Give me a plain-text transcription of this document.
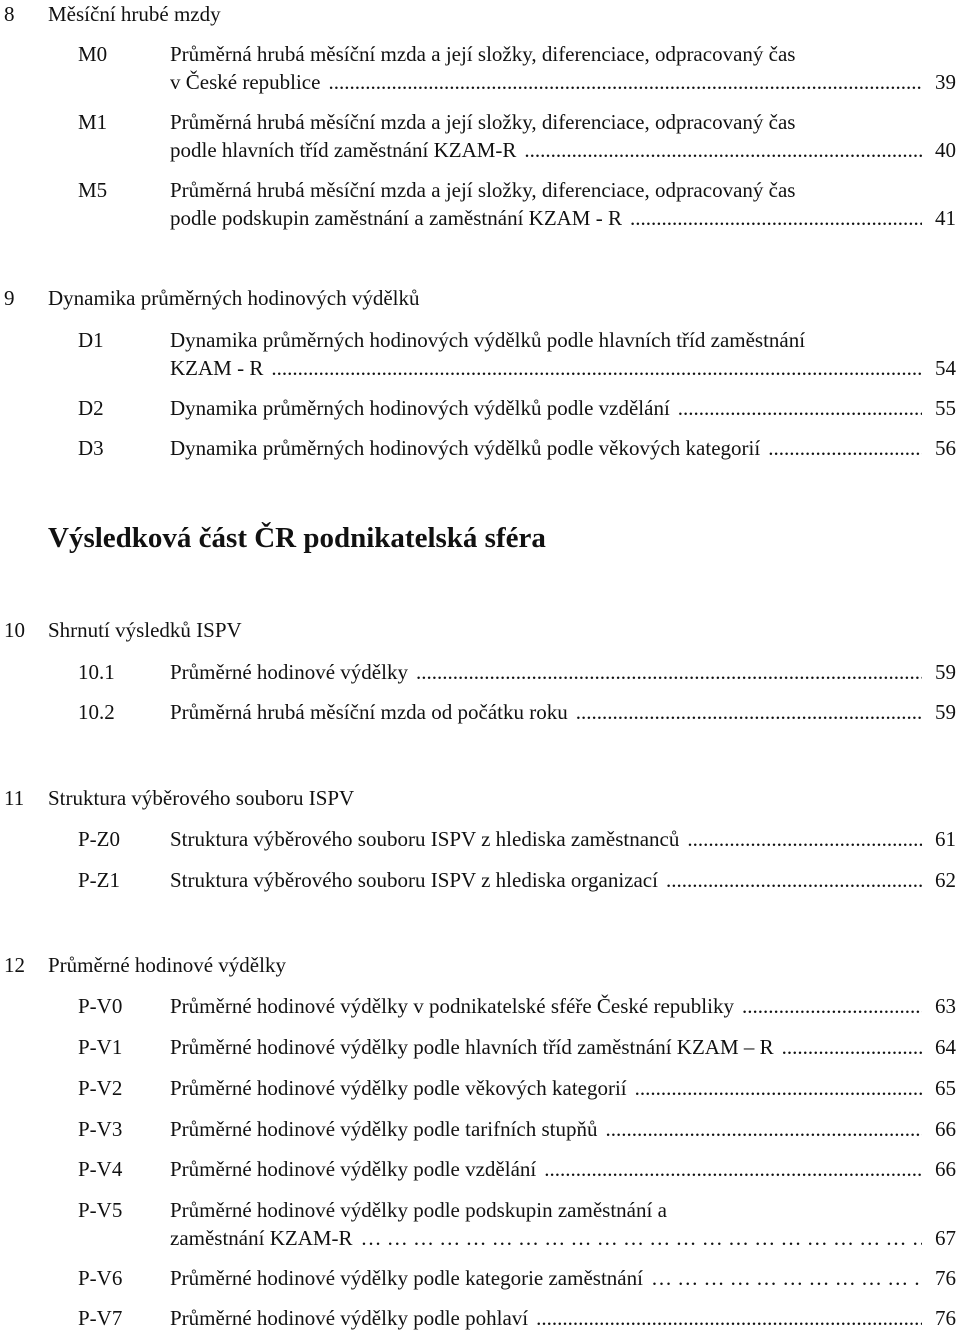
8 Měsíční hrubé mzdy
M0	Průměrná hrubá měsíční mzda a její složky, diferenciace, odpracovaný čas
v České republice .....	39
M1	Průměrná hrubá měsíční mzda a její složky, diferenciace, odpracovaný čas
podle hlavních tříd zaměstnání KZAM-R .....	40
M5	Průměrná hrubá měsíční mzda a její složky, diferenciace, odpracovaný čas
podle podskupin zaměstnání a zaměstnání KZAM - R .....	41
9 Dynamika průměrných hodinových výdělků
D1	Dynamika průměrných hodinových výdělků podle hlavních tříd zaměstnání
KZAM - R .....	54
D2	Dynamika průměrných hodinových výdělků podle vzdělání .....	55
D3	Dynamika průměrných hodinových výdělků podle věkových kategorií .....	56
Výsledková část ČR podnikatelská sféra
10 Shrnutí výsledků ISPV
10.1	Průměrné hodinové výdělky .....	59
10.2	Průměrná hrubá měsíční mzda od počátku roku .....	59
11 Struktura výběrového souboru ISPV
P-Z0 Struktura výběrového souboru ISPV z hlediska zaměstnanců .....	61
P-Z1 Struktura výběrového souboru ISPV z hlediska organizací .....	62
12 Průměrné hodinové výdělky
P-V0 Průměrné hodinové výdělky v podnikatelské sféře České republiky .....	63
P-V1 Průměrné hodinové výdělky podle hlavních tříd zaměstnání KZAM – R .....	64
P-V2 Průměrné hodinové výdělky podle věkových kategorií .....	65
P-V3 Průměrné hodinové výdělky podle tarifních stupňů .....	66
P-V4 Průměrné hodinové výdělky podle vzdělání .....	66
P-V5 Průměrné hodinové výdělky podle podskupin zaměstnání a
zaměstnání KZAM-R … … … … … … … … … … … … … … … … … … … … … … … … … … …	67
P-V6 Průměrné hodinové výdělky podle kategorie zaměstnání … … … … … … … … … … … … … … … … … … … … … … … … … … …	76
P-V7 Průměrné hodinové výdělky podle pohlaví .....	76
